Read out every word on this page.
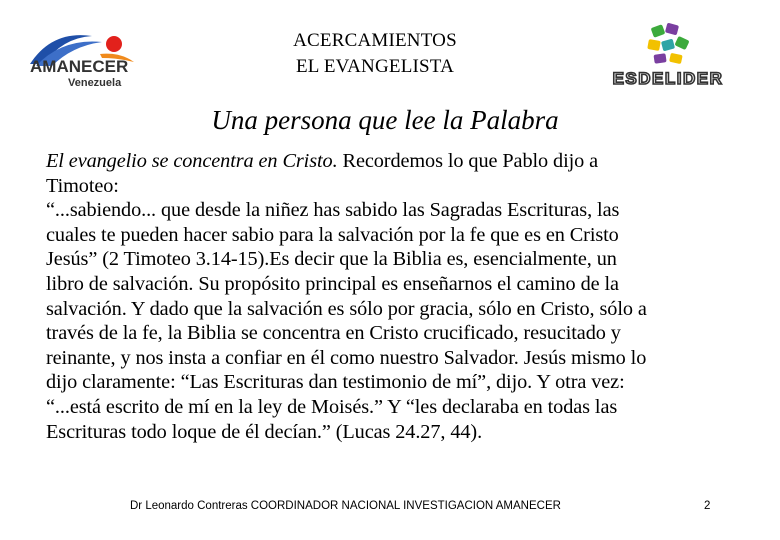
AMANECER
Venezuela
ACERCAMIENTOS
EL EVANGELISTA
ESDELIDER
Una persona que lee la Palabra
El evangelio se concentra en Cristo. Recordemos lo que Pablo dijo a
Timoteo:
“...sabiendo... que desde la niñez has sabido las Sagradas Escrituras, las
cuales te pueden hacer sabio para la salvación por la fe que es en Cristo
Jesús” (2 Timoteo 3.14-15).Es decir que la Biblia es, esencialmente, un
libro de salvación. Su propósito principal es enseñarnos el camino de la
salvación. Y dado que la salvación es sólo por gracia, sólo en Cristo, sólo a
través de la fe, la Biblia se concentra en Cristo crucificado, resucitado y
reinante, y nos insta a confiar en él como nuestro Salvador. Jesús mismo lo
dijo claramente: “Las Escrituras dan testimonio de mí”, dijo. Y otra vez:
“...está escrito de mí en la ley de Moisés.” Y “les declaraba en todas las
Escrituras todo loque de él decían.” (Lucas 24.27, 44).
Dr Leonardo Contreras COORDINADOR NACIONAL INVESTIGACION AMANECER	2
